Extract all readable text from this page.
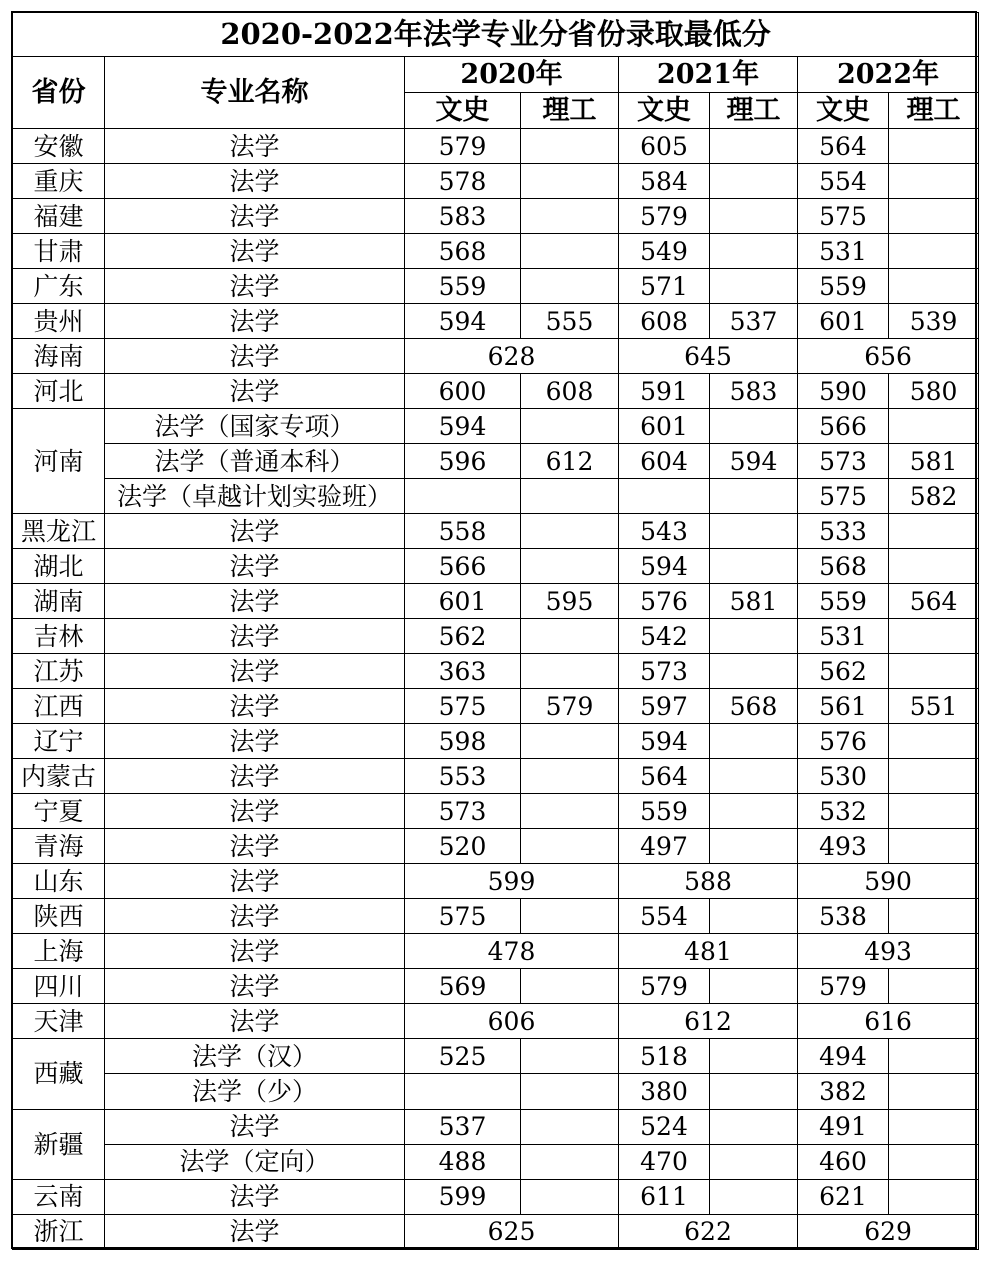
2020-2022年法学专业分省份录取最低分							
省份	专业名称	2020年		2021年		2022年	
		文史	理工	文史	理工	文史	理工
安徽	法学	579		605		564	
重庆	法学	578		584		554	
福建	法学	583		579		575	
甘肃	法学	568		549		531	
广东	法学	559		571		559	
贵州	法学	594	555	608	537	601	539
海南	法学	628		645		656	
河北	法学	600	608	591	583	590	580
河南	法学（国家专项）	594		601		566	
	法学（普通本科）	596	612	604	594	573	581
	法学（卓越计划实验班）					575	582
黑龙江	法学	558		543		533	
湖北	法学	566		594		568	
湖南	法学	601	595	576	581	559	564
吉林	法学	562		542		531	
江苏	法学	363		573		562	
江西	法学	575	579	597	568	561	551
辽宁	法学	598		594		576	
内蒙古	法学	553		564		530	
宁夏	法学	573		559		532	
青海	法学	520		497		493	
山东	法学	599		588		590	
陕西	法学	575		554		538	
上海	法学	478		481		493	
四川	法学	569		579		579	
天津	法学	606		612		616	
西藏	法学（汉）	525		518		494	
	法学（少）			380		382	
新疆	法学	537		524		491	
	法学（定向）	488		470		460	
云南	法学	599		611		621	
浙江	法学	625		622		629	
